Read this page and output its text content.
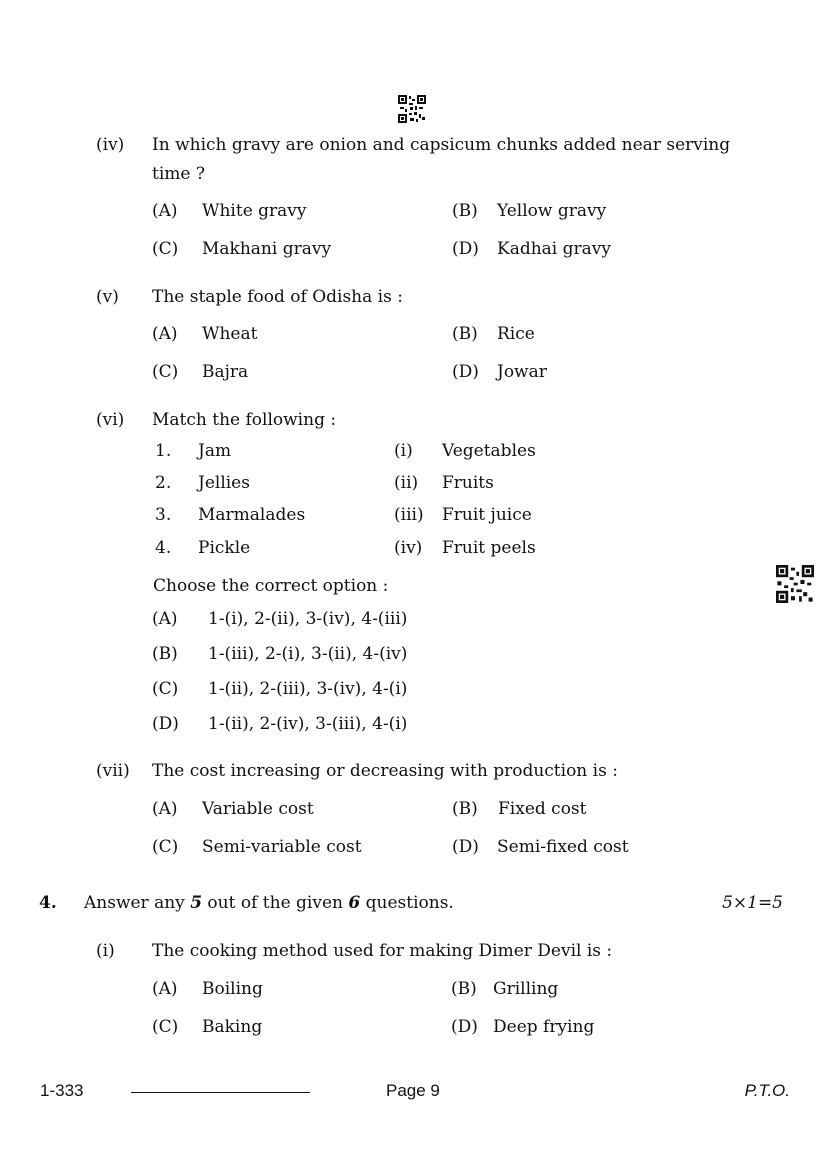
(iv) In which gravy are onion and capsicum chunks added near serving
time ?
(A) White gravy	(B) Yellow gravy
(C) Makhani gravy	(D) Kadhai gravy
(v) The staple food of Odisha is :
(A) Wheat	(B) Rice
(C) Bajra	(D) Jowar
(vi) Match the following :
1. Jam	(i) Vegetables
2. Jellies	(ii) Fruits
3. Marmalades	(iii) Fruit juice
4. Pickle	(iv) Fruit peels
Choose the correct option :
(A) 1-(i), 2-(ii), 3-(iv), 4-(iii)
(B) 1-(iii), 2-(i), 3-(ii), 4-(iv)
(C) 1-(ii), 2-(iii), 3-(iv), 4-(i)
(D) 1-(ii), 2-(iv), 3-(iii), 4-(i)
(vii) The cost increasing or decreasing with production is :
(A) Variable cost	(B) Fixed cost
(C) Semi-variable cost	(D) Semi-fixed cost
4. Answer any 5 out of the given 6 questions.	5×1=5
(i) The cooking method used for making Dimer Devil is :
(A) Boiling	(B) Grilling
(C) Baking	(D) Deep frying
1-333	Page 9	P.T.O.
